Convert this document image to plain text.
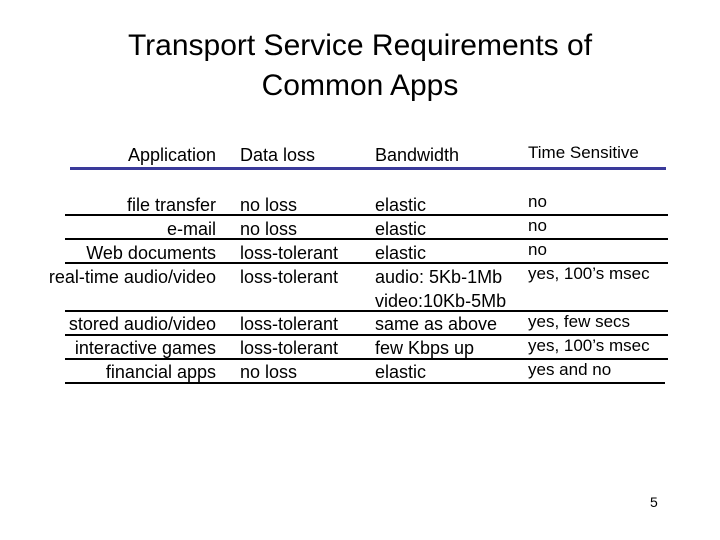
Transport Service Requirements of
Common Apps
Application Data loss	Bandwidth	Time Sensitive
file transfer
e-mail
Web documents
real-time audio/video
no loss
no loss
loss-tolerant
loss-tolerant
elastic
elastic
elastic
audio: 5Kb-1Mb
video:10Kb-5Mb
no
no
no
yes, 100’s msec
stored audio/video
interactive games
financial apps
loss-tolerant
loss-tolerant
no loss
same as above
few Kbps up
elastic
yes, few secs
yes, 100’s msec
yes and no
5
